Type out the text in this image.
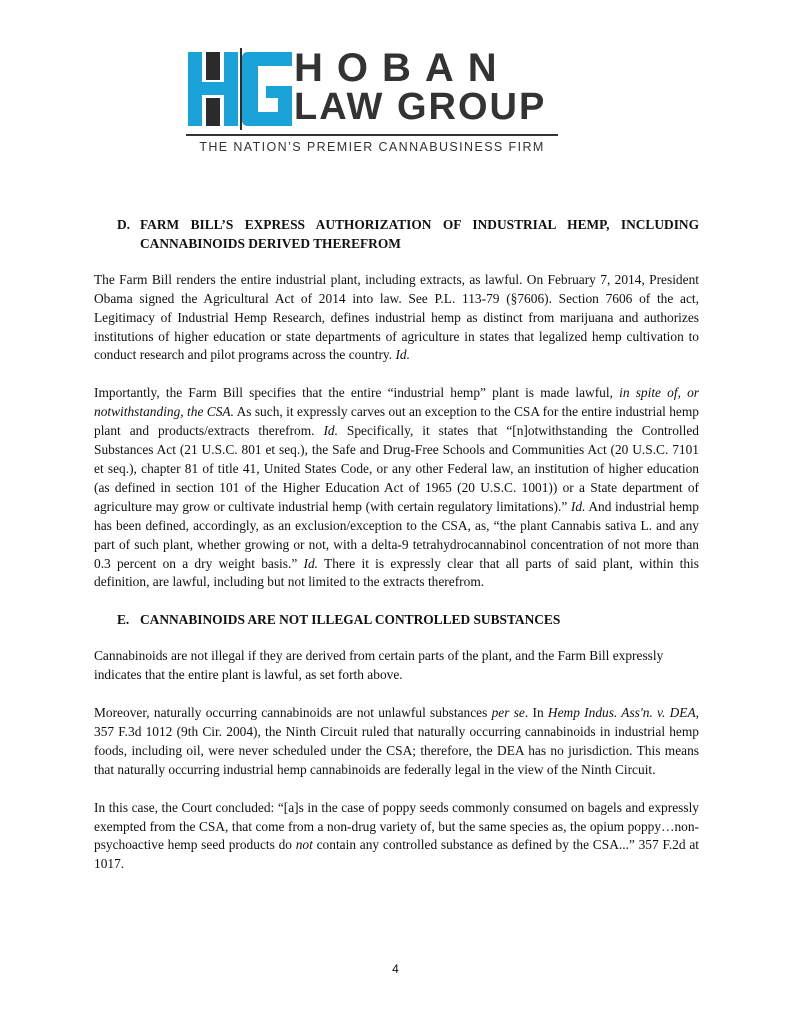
HOBAN
LAW GROUP
THE NATION’S PREMIER CANNABUSINESS FIRM
D. FARM BILL’S EXPRESS AUTHORIZATION OF INDUSTRIAL HEMP, INCLUDING CANNABINOIDS DERIVED THEREFROM

The Farm Bill renders the entire industrial plant, including extracts, as lawful. On February 7, 2014, President Obama signed the Agricultural Act of 2014 into law. See P.L. 113-79 (§7606). Section 7606 of the act, Legitimacy of Industrial Hemp Research, defines industrial hemp as distinct from marijuana and authorizes institutions of higher education or state departments of agriculture in states that legalized hemp cultivation to conduct research and pilot programs across the country. Id.

Importantly, the Farm Bill specifies that the entire “industrial hemp” plant is made lawful, in spite of, or notwithstanding, the CSA. As such, it expressly carves out an exception to the CSA for the entire industrial hemp plant and products/extracts therefrom. Id. Specifically, it states that “[n]otwithstanding the Controlled Substances Act (21 U.S.C. 801 et seq.), the Safe and Drug-Free Schools and Communities Act (20 U.S.C. 7101 et seq.), chapter 81 of title 41, United States Code, or any other Federal law, an institution of higher education (as defined in section 101 of the Higher Education Act of 1965 (20 U.S.C. 1001)) or a State department of agriculture may grow or cultivate industrial hemp (with certain regulatory limitations).” Id. And industrial hemp has been defined, accordingly, as an exclusion/exception to the CSA, as, “the plant Cannabis sativa L. and any part of such plant, whether growing or not, with a delta-9 tetrahydrocannabinol concentration of not more than 0.3 percent on a dry weight basis.” Id. There it is expressly clear that all parts of said plant, within this definition, are lawful, including but not limited to the extracts therefrom.

E. CANNABINOIDS ARE NOT ILLEGAL CONTROLLED SUBSTANCES

Cannabinoids are not illegal if they are derived from certain parts of the plant, and the Farm Bill expressly indicates that the entire plant is lawful, as set forth above.

Moreover, naturally occurring cannabinoids are not unlawful substances per se. In Hemp Indus. Ass'n. v. DEA, 357 F.3d 1012 (9th Cir. 2004), the Ninth Circuit ruled that naturally occurring cannabinoids in industrial hemp foods, including oil, were never scheduled under the CSA; therefore, the DEA has no jurisdiction. This means that naturally occurring industrial hemp cannabinoids are federally legal in the view of the Ninth Circuit.

In this case, the Court concluded: “[a]s in the case of poppy seeds commonly consumed on bagels and expressly exempted from the CSA, that come from a non-drug variety of, but the same species as, the opium poppy…non-psychoactive hemp seed products do not contain any controlled substance as defined by the CSA...” 357 F.2d at 1017.

4
